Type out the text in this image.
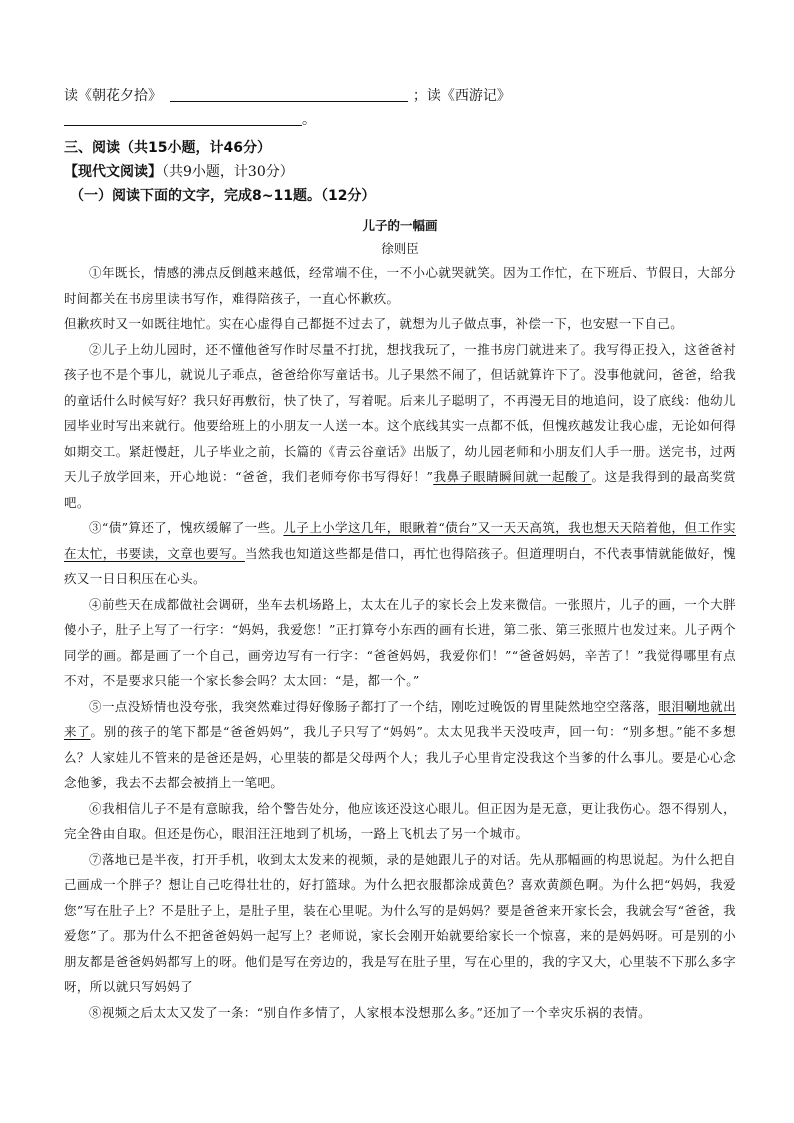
读《朝花夕拾》	；读《西游记》
。
三、阅读（共15小题，计46分）
【现代文阅读】（共9小题，计30分）
（一）阅读下面的文字，完成8~11题。（12分）
儿子的一幅画
徐则臣

①年既长，情感的沸点反倒越来越低，经常端不住，一不小心就哭就笑。因为工作忙，在下班后、节假日，大部分时间都关在书房里读书写作，难得陪孩子，一直心怀歉疚。

但歉疚时又一如既往地忙。实在心虚得自己都挺不过去了，就想为儿子做点事，补偿一下，也安慰一下自己。

②儿子上幼儿园时，还不懂他爸写作时尽量不打扰，想找我玩了，一推书房门就进来了。我写得正投入，这爸爸衬孩子也不是个事儿，就说儿子乖点，爸爸给你写童话书。儿子果然不闹了，但话就算许下了。没事他就问，爸爸，给我的童话什么时候写好？我只好再敷衍，快了快了，写着呢。后来儿子聪明了，不再漫无目的地追问，设了底线：他幼儿园毕业时写出来就行。他要给班上的小朋友一人送一本。这个底线其实一点都不低，但愧疚越发让我心虚，无论如何得如期交工。紧赶慢赶，儿子毕业之前，长篇的《青云谷童话》出版了，幼儿园老师和小朋友们人手一册。送完书，过两天儿子放学回来，开心地说：“爸爸，我们老师夸你书写得好！”我鼻子眼睛瞬间就一起酸了。这是我得到的最高奖赏吧。

③“债”算还了，愧疚缓解了一些。儿子上小学这几年，眼瞅着“债台”又一天天高筑，我也想天天陪着他，但工作实在太忙，书要读，文章也要写。当然我也知道这些都是借口，再忙也得陪孩子。但道理明白，不代表事情就能做好，愧疚又一日日积压在心头。

④前些天在成都做社会调研，坐车去机场路上，太太在儿子的家长会上发来微信。一张照片，儿子的画，一个大胖傻小子，肚子上写了一行字：“妈妈，我爱您！”正打算夸小东西的画有长进，第二张、第三张照片也发过来。儿子两个同学的画。都是画了一个自己，画旁边写有一行字：“爸爸妈妈，我爱你们！”“爸爸妈妈，辛苦了！”我觉得哪里有点不对，不是要求只能一个家长参会吗？太太回：“是，都一个。”

⑤一点没矫情也没夸张，我突然难过得好像肠子都打了一个结，刚吃过晚饭的胃里陡然地空空落落，眼泪唰地就出来了。别的孩子的笔下都是“爸爸妈妈”，我儿子只写了“妈妈”。太太见我半天没吱声，回一句：“别多想。”能不多想么？人家娃儿不管来的是爸还是妈，心里装的都是父母两个人；我儿子心里肯定没我这个当爹的什么事儿。要是心心念念他爹，我去不去都会被捎上一笔吧。

⑥我相信儿子不是有意晾我，给个警告处分，他应该还没这心眼儿。但正因为是无意，更让我伤心。怨不得别人，完全咎由自取。但还是伤心，眼泪汪汪地到了机场，一路上飞机去了另一个城市。

⑦落地已是半夜，打开手机，收到太太发来的视频，录的是她跟儿子的对话。先从那幅画的构思说起。为什么把自己画成一个胖子？想让自己吃得壮壮的，好打篮球。为什么把衣服都涂成黄色？喜欢黄颜色啊。为什么把“妈妈，我爱您”写在肚子上？不是肚子上，是肚子里，装在心里呢。为什么写的是妈妈？要是爸爸来开家长会，我就会写“爸爸，我爱您”了。那为什么不把爸爸妈妈一起写上？老师说，家长会刚开始就要给家长一个惊喜，来的是妈妈呀。可是别的小朋友都是爸爸妈妈都写上的呀。他们是写在旁边的，我是写在肚子里，写在心里的，我的字又大，心里装不下那么多字呀，所以就只写妈妈了

⑧视频之后太太又发了一条：“别自作多情了，人家根本没想那么多。”还加了一个幸灾乐祸的表情。
